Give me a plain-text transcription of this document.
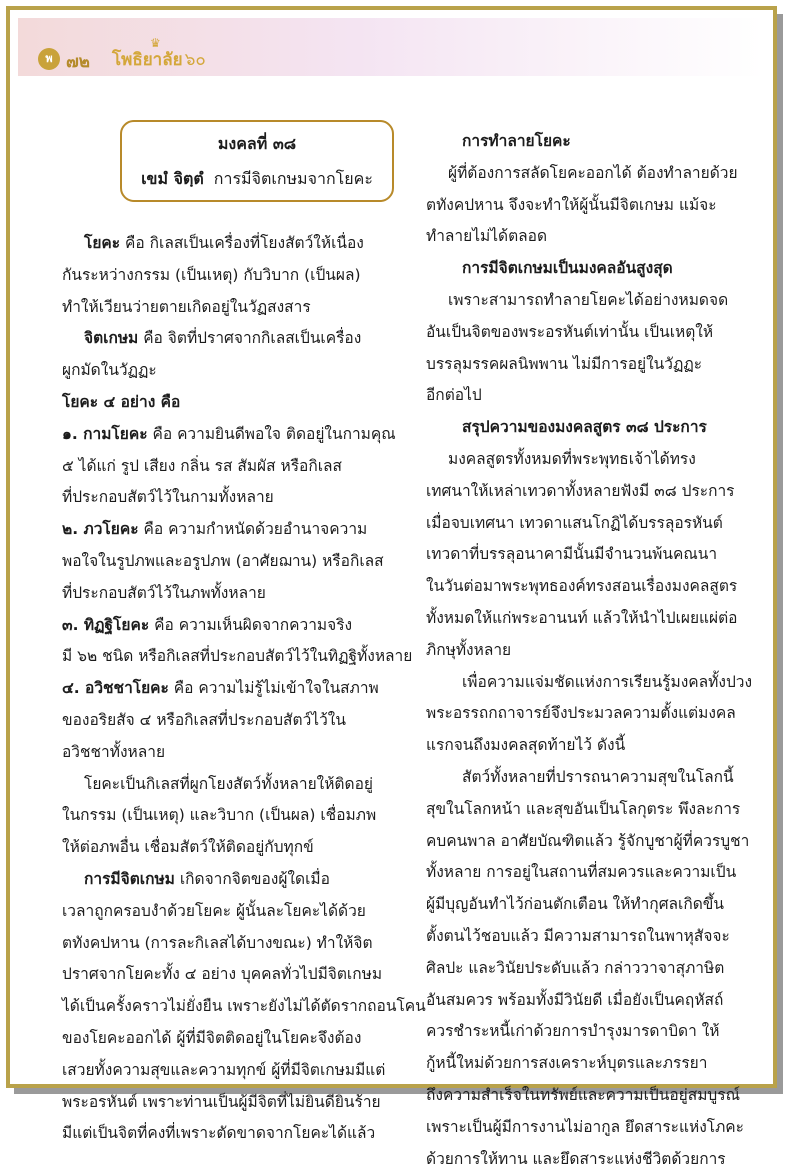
พ ๗๒
♛
โพธิยาลัย ๖๐
มงคลที่ ๓๘
เขมํ จิตฺตํ การมีจิตเกษมจากโยคะ
โยคะ คือ กิเลสเป็นเครื่องที่โยงสัตว์ให้เนื่อง
กันระหว่างกรรม (เป็นเหตุ) กับวิบาก (เป็นผล)
ทำให้เวียนว่ายตายเกิดอยู่ในวัฏสงสาร
จิตเกษม คือ จิตที่ปราศจากกิเลสเป็นเครื่อง
ผูกมัดในวัฏฏะ
โยคะ ๔ อย่าง คือ
๑. กามโยคะ คือ ความยินดีพอใจ ติดอยู่ในกามคุณ
๕ ได้แก่ รูป เสียง กลิ่น รส สัมผัส หรือกิเลส
ที่ประกอบสัตว์ไว้ในกามทั้งหลาย
๒. ภวโยคะ คือ ความกำหนัดด้วยอำนาจความ
พอใจในรูปภพและอรูปภพ (อาศัยฌาน) หรือกิเลส
ที่ประกอบสัตว์ไว้ในภพทั้งหลาย
๓. ทิฏฐิโยคะ คือ ความเห็นผิดจากความจริง
มี ๖๒ ชนิด หรือกิเลสที่ประกอบสัตว์ไว้ในทิฏฐิทั้งหลาย
๔. อวิชชาโยคะ คือ ความไม่รู้ไม่เข้าใจในสภาพ
ของอริยสัจ ๔ หรือกิเลสที่ประกอบสัตว์ไว้ใน
อวิชชาทั้งหลาย
โยคะเป็นกิเลสที่ผูกโยงสัตว์ทั้งหลายให้ติดอยู่
ในกรรม (เป็นเหตุ) และวิบาก (เป็นผล) เชื่อมภพ
ให้ต่อภพอื่น เชื่อมสัตว์ให้ติดอยู่กับทุกข์
การมีจิตเกษม เกิดจากจิตของผู้ใดเมื่อ
เวลาถูกครอบงำด้วยโยคะ ผู้นั้นละโยคะได้ด้วย
ตทังคปหาน (การละกิเลสได้บางขณะ) ทำให้จิต
ปราศจากโยคะทั้ง ๔ อย่าง บุคคลทั่วไปมีจิตเกษม
ได้เป็นครั้งคราวไม่ยั่งยืน เพราะยังไม่ได้ตัดรากถอนโคน
ของโยคะออกได้ ผู้ที่มีจิตติดอยู่ในโยคะจึงต้อง
เสวยทั้งความสุขและความทุกข์ ผู้ที่มีจิตเกษมมีแต่
พระอรหันต์ เพราะท่านเป็นผู้มีจิตที่ไม่ยินดียินร้าย
มีแต่เป็นจิตที่คงที่เพราะตัดขาดจากโยคะได้แล้ว
การทำลายโยคะ
ผู้ที่ต้องการสลัดโยคะออกได้ ต้องทำลายด้วย
ตทังคปหาน จึงจะทำให้ผู้นั้นมีจิตเกษม แม้จะ
ทำลายไม่ได้ตลอด
การมีจิตเกษมเป็นมงคลอันสูงสุด
เพราะสามารถทำลายโยคะได้อย่างหมดจด
อันเป็นจิตของพระอรหันต์เท่านั้น เป็นเหตุให้
บรรลุมรรคผลนิพพาน ไม่มีการอยู่ในวัฏฏะ
อีกต่อไป
สรุปความของมงคลสูตร ๓๘ ประการ
มงคลสูตรทั้งหมดที่พระพุทธเจ้าได้ทรง
เทศนาให้เหล่าเทวดาทั้งหลายฟังมี ๓๘ ประการ
เมื่อจบเทศนา เทวดาแสนโกฏิได้บรรลุอรหันต์
เทวดาที่บรรลุอนาคามีนั้นมีจำนวนพ้นคณนา
ในวันต่อมาพระพุทธองค์ทรงสอนเรื่องมงคลสูตร
ทั้งหมดให้แก่พระอานนท์ แล้วให้นำไปเผยแผ่ต่อ
ภิกษุทั้งหลาย
เพื่อความแจ่มชัดแห่งการเรียนรู้มงคลทั้งปวง
พระอรรถกถาจารย์จึงประมวลความตั้งแต่มงคล
แรกจนถึงมงคลสุดท้ายไว้ ดังนี้
สัตว์ทั้งหลายที่ปรารถนาความสุขในโลกนี้
สุขในโลกหน้า และสุขอันเป็นโลกุตระ พึงละการ
คบคนพาล อาศัยบัณฑิตแล้ว รู้จักบูชาผู้ที่ควรบูชา
ทั้งหลาย การอยู่ในสถานที่สมควรและความเป็น
ผู้มีบุญอันทำไว้ก่อนตักเตือน ให้ทำกุศลเกิดขึ้น
ตั้งตนไว้ชอบแล้ว มีความสามารถในพาหุสัจจะ
ศิลปะ และวินัยประดับแล้ว กล่าววาจาสุภาษิต
อันสมควร พร้อมทั้งมีวินัยดี เมื่อยังเป็นคฤหัสถ์
ควรชำระหนี้เก่าด้วยการบำรุงมารดาบิดา ให้
กู้หนี้ใหม่ด้วยการสงเคราะห์บุตรและภรรยา
ถึงความสำเร็จในทรัพย์และความเป็นอยู่สมบูรณ์
เพราะเป็นผู้มีการงานไม่อากูล ยึดสาระแห่งโภคะ
ด้วยการให้ทาน และยึดสาระแห่งชีวิตด้วยการ
